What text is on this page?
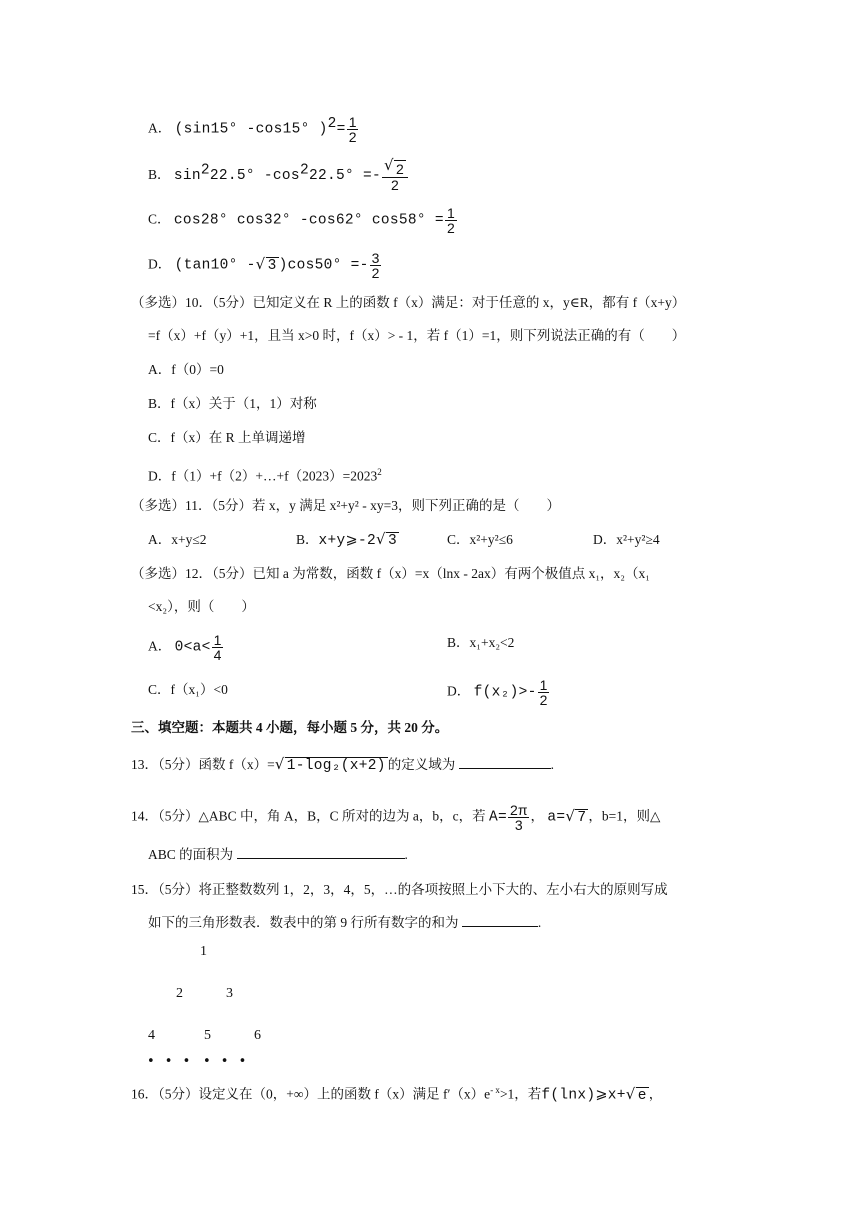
A． (sin15° -cos15° )$^2= \frac{1}{2}$
B． $\sin^222.5^\circ$ $-\cos^222.5^\circ =- \frac{√ 2}{2}$
C． cos28° cos32° -cos62° $\cos 58^\circ = \frac{1}{2}$
D． (tan10° - √ 3 )$\cos 50^\circ =- \frac{3}{2}$
（多选）10．（5分）已知定义在 R 上的函数 f（x）满足：对于任意的 x，y∈R，都有 f（x+y）
=f（x）+f（y）+1，且当 x>0 时，f（x）> - 1，若 f（1）=1，则下列说法正确的有（　　）
A．f（0）=0
B．f（x）关于（1，1）对称
C．f（x）在 R 上单调递增
D．$f(1)+f(2)+\dots+f(2023)=2023^2$
（多选）11．（5分）若 x，y 满足 x²+y² - xy=3，则下列正确的是（　　）
A．x+y≤2	B．x+y⩾-2 √ 3	C．x²+y²≤6	D．x²+y²≥4
（多选）12．（5分）已知 a 为常数，函数 f（x）=x（lnx - 2ax）有两个极值点 x₁，x₂（x₁
<x₂），则（　　）
A． $0<a< \frac{1}{4}$	B．x₁+x₂<2
C．f（x₁）<0	D． $f(x_2)>- \frac{1}{2}$
三、填空题：本题共 4 小题，每小题 5 分，共 20 分。
13．（5分）函数 f（x）= √ 1-log₂(x+2) 的定义域为	.
14．（5分）△ABC 中，角 A，B，C 所对的边为 a，b，c，若 $A= \frac{2\pi}{3}$ ， a= √ 7 ，b=1，则△
ABC 的面积为	.
15．（5分）将正整数数列 1，2，3，4，5，…的各项按照上小下大的、左小右大的原则写成
如下的三角形数表．数表中的第 9 行所有数字的和为	.
1
2	3
4	5	6
• • • • • •
16．（5分）设定义在（0，+∞）上的函数 f（x）满足 $f'(x)e^{- x}>1$，若f(lnx)⩾x+ √ e ，
